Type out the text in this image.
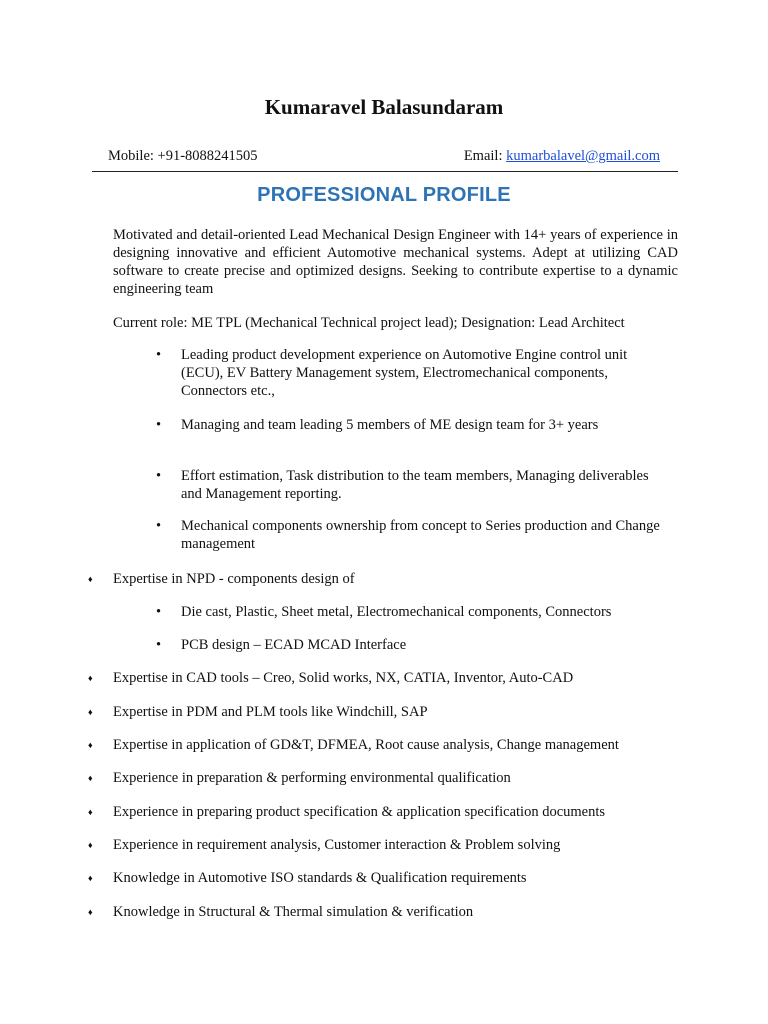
Kumaravel Balasundaram
Mobile: +91-8088241505	Email: kumarbalavel@gmail.com
PROFESSIONAL PROFILE

Motivated and detail-oriented Lead Mechanical Design Engineer with 14+ years of experience in designing innovative and efficient Automotive mechanical systems. Adept at utilizing CAD software to create precise and optimized designs. Seeking to contribute expertise to a dynamic engineering team

Current role: ME TPL (Mechanical Technical project lead); Designation: Lead Architect
•	Leading product development experience on Automotive Engine control unit (ECU), EV Battery Management system, Electromechanical components, Connectors etc.,
•	Managing and team leading 5 members of ME design team for 3+ years
•	Effort estimation, Task distribution to the team members, Managing deliverables and Management reporting.
•	Mechanical components ownership from concept to Series production and Change management
♦ Expertise in NPD - components design of
•	Die cast, Plastic, Sheet metal, Electromechanical components, Connectors
•	PCB design – ECAD MCAD Interface
♦ Expertise in CAD tools – Creo, Solid works, NX, CATIA, Inventor, Auto-CAD
♦ Expertise in PDM and PLM tools like Windchill, SAP
♦ Expertise in application of GD&T, DFMEA, Root cause analysis, Change management
♦ Experience in preparation & performing environmental qualification
♦ Experience in preparing product specification & application specification documents
♦ Experience in requirement analysis, Customer interaction & Problem solving
♦ Knowledge in Automotive ISO standards & Qualification requirements
♦ Knowledge in Structural & Thermal simulation & verification
